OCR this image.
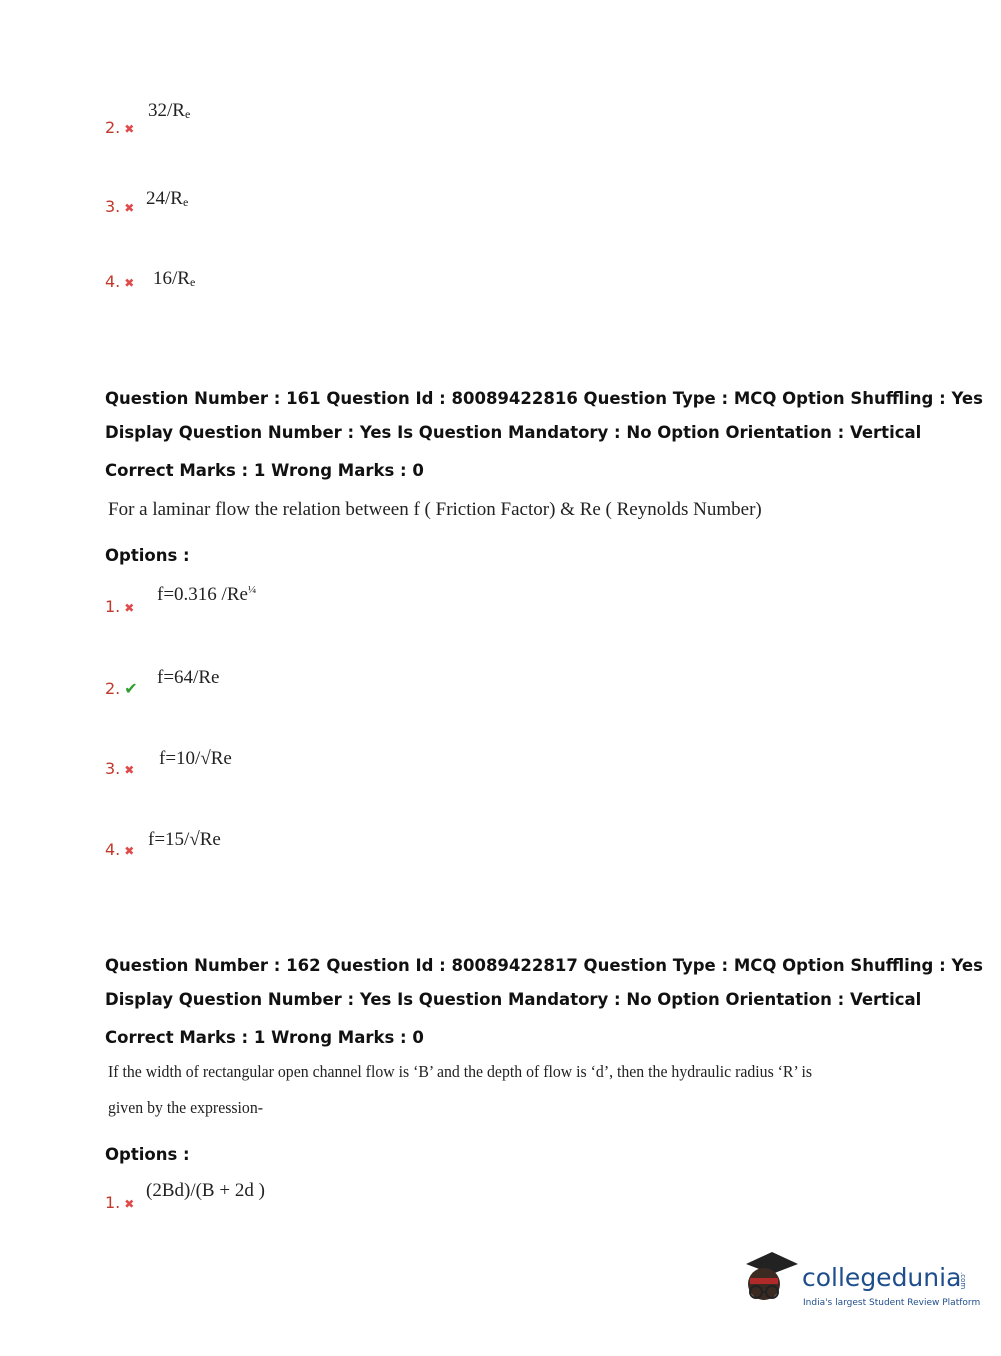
2. ✖
32/Re
3. ✖ 24/Re
4. ✖ 16/Re
Question Number : 161 Question Id : 80089422816 Question Type : MCQ Option Shuffling : Yes
Display Question Number : Yes Is Question Mandatory : No Option Orientation : Vertical
Correct Marks : 1 Wrong Marks : 0
For a laminar flow the relation between f ( Friction Factor) & Re ( Reynolds Number)
Options :
1. ✖
f=0.316 $/Re^{\frac{1}{4}}$
2. ✔
f=64/Re
3. ✖
f=10/√Re
4. ✖
f=15/√Re
Question Number : 162 Question Id : 80089422817 Question Type : MCQ Option Shuffling : Yes
Display Question Number : Yes Is Question Mandatory : No Option Orientation : Vertical
Correct Marks : 1 Wrong Marks : 0
If the width of rectangular open channel flow is ‘B’ and the depth of flow is ‘d’, then the hydraulic radius ‘R’ is
given by the expression-
Options :
1. ✖
(2Bd)/(B + 2d )
collegedunia
.com
India's largest Student Review Platform
